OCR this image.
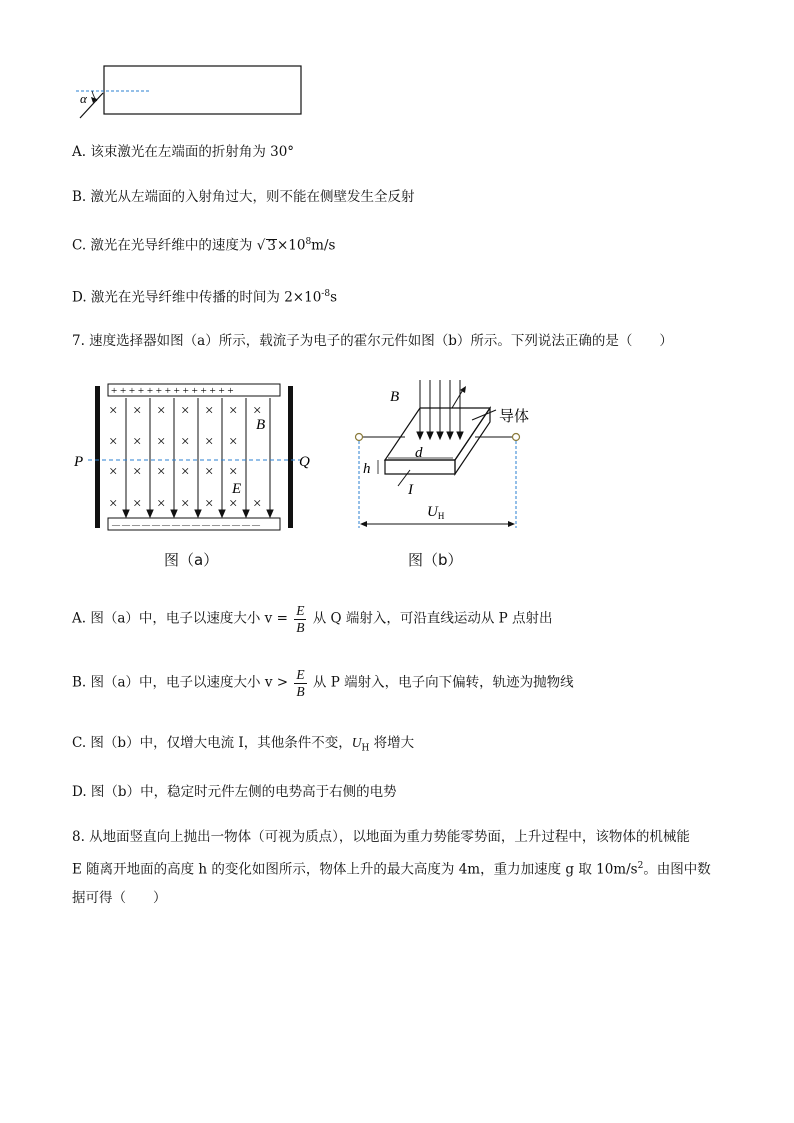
α
A. 该束激光在左端面的折射角为 30°
B. 激光从左端面的入射角过大，则不能在侧壁发生全反射
C. 激光在光导纤维中的速度为 √ $3\times 10^8m/s$
D. 激光在光导纤维中传播的时间为 $2\times 10^{-8}s$
7. 速度选择器如图（a）所示，载流子为电子的霍尔元件如图（b）所示。下列说法正确的是（　　）
+ + + + + + + + + + + + + +
— — — — — — — — — — — — — — —
× × × × × × ×
× × × × × ×
× × × × × ×
× × × × × × ×
P	Q
B
E
图（a）
导体
$U_H$
d
h
B
I
图（b）
A. 图（a）中，电子以速度大小 $v = \frac{E}{B}$ 从 Q 端射入，可沿直线运动从 P 点射出
B. 图（a）中，电子以速度大小 $v > \frac{E}{B}$ 从 P 端射入，电子向下偏转，轨迹为抛物线
C. 图（b）中，仅增大电流 I，其他条件不变，$U_H$ 将增大
D. 图（b）中，稳定时元件左侧的电势高于右侧的电势
8. 从地面竖直向上抛出一物体（可视为质点），以地面为重力势能零势面，上升过程中，该物体的机械能
E 随离开地面的高度 h 的变化如图所示，物体上升的最大高度为 4m，重力加速度 g 取 $10m/s^2$。由图中数
据可得（　　）
